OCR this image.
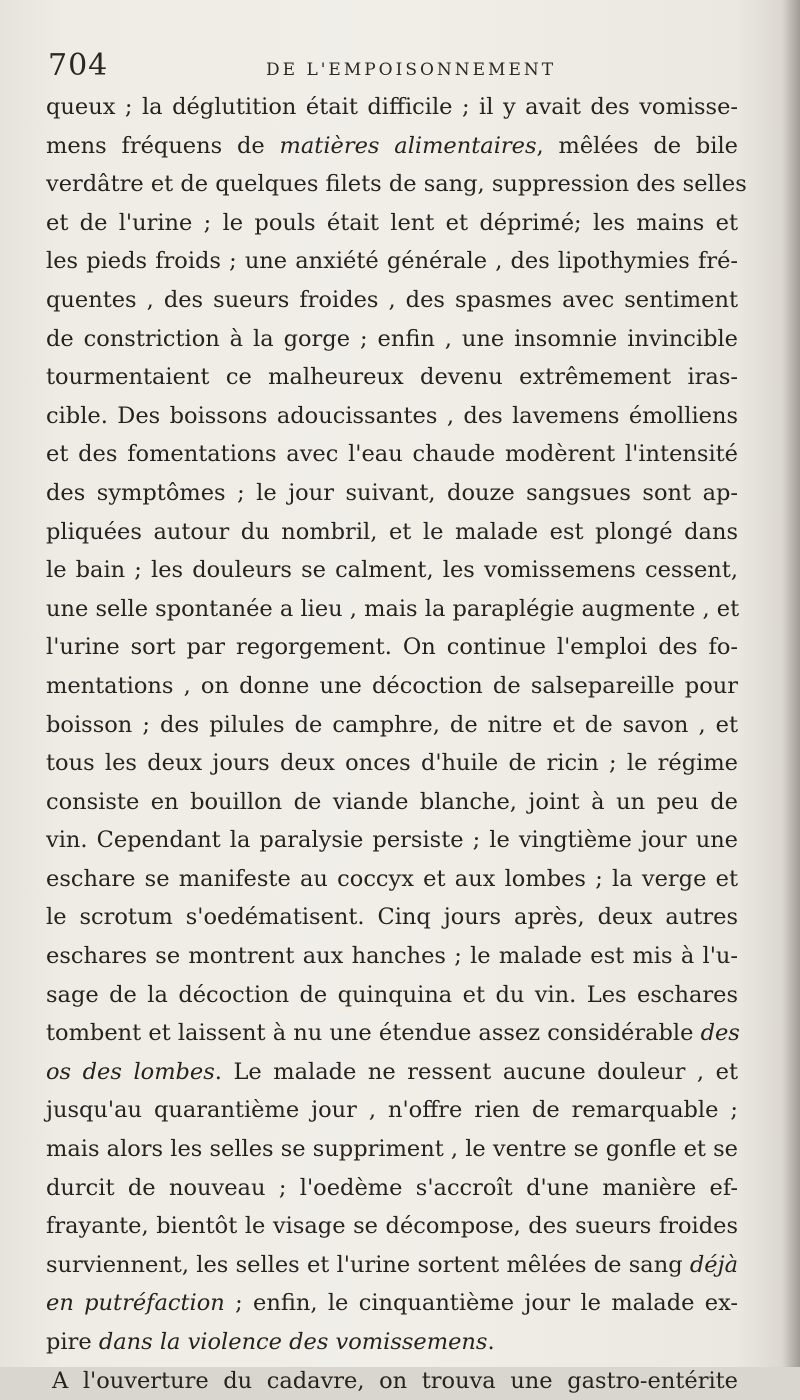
704	DE L'EMPOISONNEMENT
queux ; la déglutition était difficile ; il y avait des vomisse-
mens fréquens de matières alimentaires, mêlées de bile
verdâtre et de quelques filets de sang, suppression des selles
et de l'urine ; le pouls était lent et déprimé; les mains et
les pieds froids ; une anxiété générale , des lipothymies fré-
quentes , des sueurs froides , des spasmes avec sentiment
de constriction à la gorge ; enfin , une insomnie invincible
tourmentaient ce malheureux devenu extrêmement iras-
cible. Des boissons adoucissantes , des lavemens émolliens
et des fomentations avec l'eau chaude modèrent l'intensité
des symptômes ; le jour suivant, douze sangsues sont ap-
pliquées autour du nombril, et le malade est plongé dans
le bain ; les douleurs se calment, les vomissemens cessent,
une selle spontanée a lieu , mais la paraplégie augmente , et
l'urine sort par regorgement. On continue l'emploi des fo-
mentations , on donne une décoction de salsepareille pour
boisson ; des pilules de camphre, de nitre et de savon , et
tous les deux jours deux onces d'huile de ricin ; le régime
consiste en bouillon de viande blanche, joint à un peu de
vin. Cependant la paralysie persiste ; le vingtième jour une
eschare se manifeste au coccyx et aux lombes ; la verge et
le scrotum s'oedématisent. Cinq jours après, deux autres
eschares se montrent aux hanches ; le malade est mis à l'u-
sage de la décoction de quinquina et du vin. Les eschares
tombent et laissent à nu une étendue assez considérable des
os des lombes. Le malade ne ressent aucune douleur , et
jusqu'au quarantième jour , n'offre rien de remarquable ;
mais alors les selles se suppriment , le ventre se gonfle et se
durcit de nouveau ; l'oedème s'accroît d'une manière ef-
frayante, bientôt le visage se décompose, des sueurs froides
surviennent, les selles et l'urine sortent mêlées de sang déjà
en putréfaction ; enfin, le cinquantième jour le malade ex-
pire dans la violence des vomissemens.
A l'ouverture du cadavre, on trouva une gastro-entérite
